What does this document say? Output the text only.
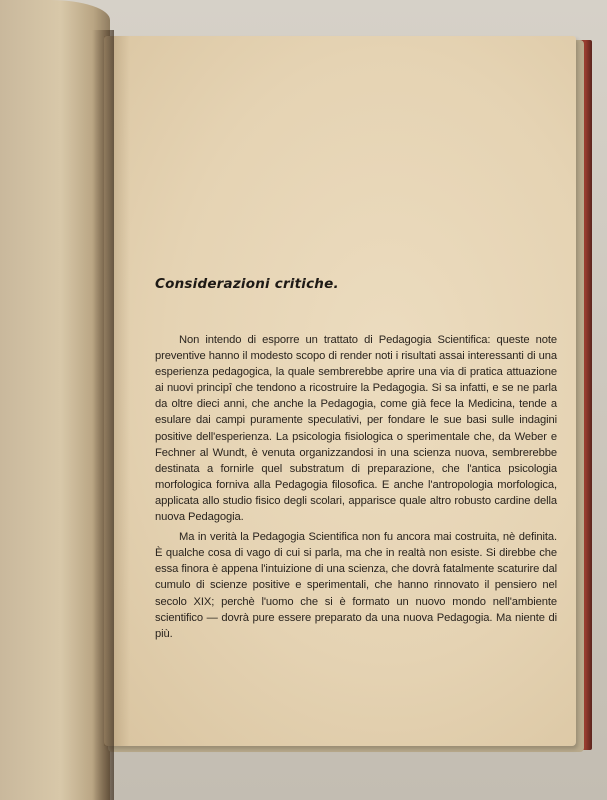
Considerazioni critiche.

Non intendo di esporre un trattato di Pedagogia Scientifica: queste note preventive hanno il modesto scopo di render noti i risultati assai interessanti di una esperienza pedagogica, la quale sembrerebbe aprire una via di pratica attuazione ai nuovi principî che tendono a ricostruire la Pedagogia. Si sa infatti, e se ne parla da oltre dieci anni, che anche la Pedagogia, come già fece la Medicina, tende a esulare dai campi puramente speculativi, per fondare le sue basi sulle indagini positive dell'esperienza. La psicologia fisiologica o sperimentale che, da Weber e Fechner al Wundt, è venuta organizzandosi in una scienza nuova, sembrerebbe destinata a fornirle quel substratum di preparazione, che l'antica psicologia morfologica forniva alla Pedagogia filosofica. E anche l'antropologia morfologica, applicata allo studio fisico degli scolari, apparisce quale altro robusto cardine della nuova Pedagogia.

Ma in verità la Pedagogia Scientifica non fu ancora mai costruita, nè definita. È qualche cosa di vago di cui si parla, ma che in realtà non esiste. Si direbbe che essa finora è appena l'intuizione di una scienza, che dovrà fatalmente scaturire dal cumulo di scienze positive e sperimentali, che hanno rinnovato il pensiero nel secolo XIX; perchè l'uomo che si è formato un nuovo mondo nell'ambiente scientifico — dovrà pure essere preparato da una nuova Pedagogia. Ma niente di più.
